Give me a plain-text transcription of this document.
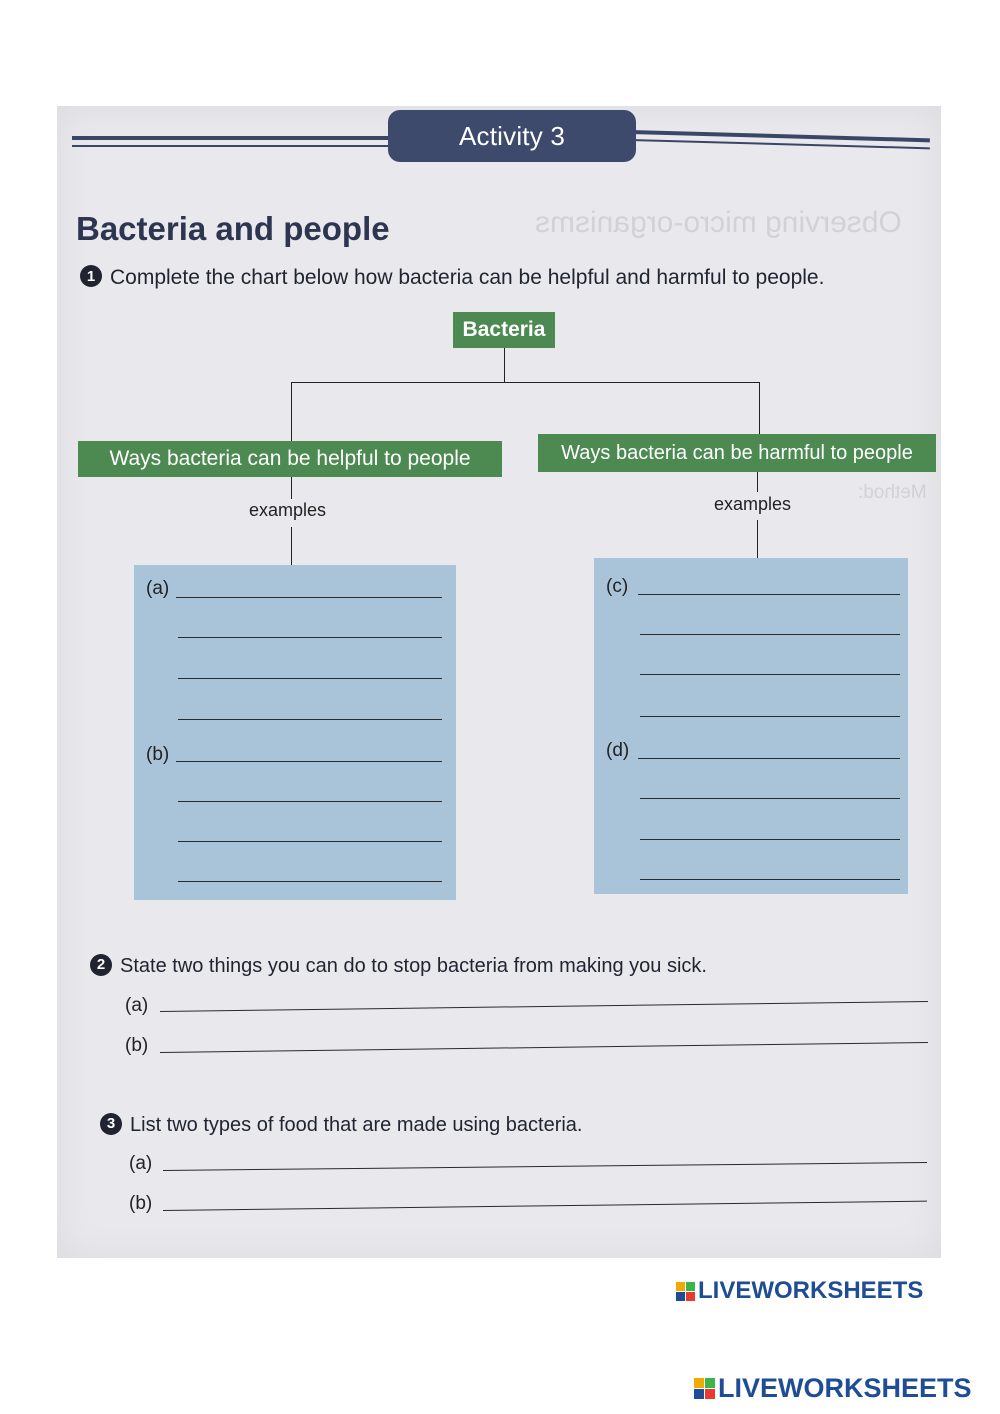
Observing micro-organisms
Method:
Activity 3
Bacteria and people
1 Complete the chart below how bacteria can be helpful and harmful to people.
Bacteria
Ways bacteria can be helpful to people	Ways bacteria can be harmful to people
examples	examples
(a)
(b)
(c)
(d)
2 State two things you can do to stop bacteria from making you sick.
(a)
(b)
3 List two types of food that are made using bacteria.
(a)
(b)
LIVEWORKSHEETS
LIVEWORKSHEETS
